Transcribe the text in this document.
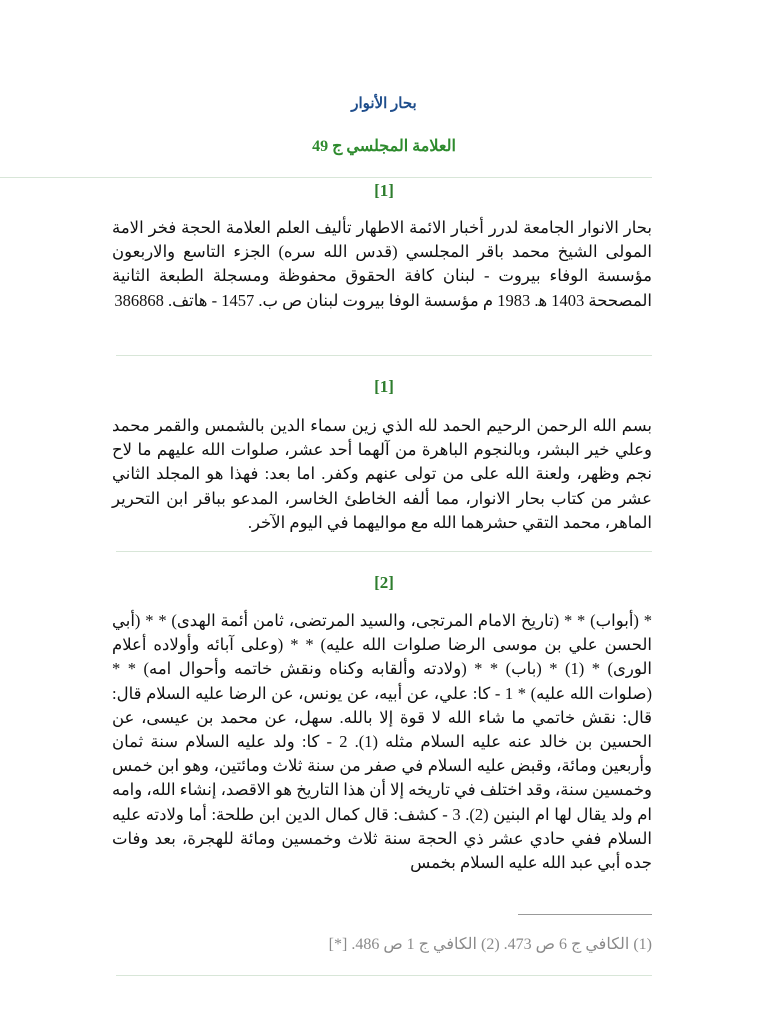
بحار الأنوار
العلامة المجلسي ج 49
[1]
بحار الانوار الجامعة لدرر أخبار الائمة الاطهار تأليف العلم العلامة الحجة فخر الامة المولى الشيخ محمد باقر المجلسي (قدس الله سره) الجزء التاسع والاربعون مؤسسة الوفاء بيروت - لبنان كافة الحقوق محفوظة ومسجلة الطبعة الثانية المصححة 1403 ه‍. 1983 م مؤسسة الوفا بيروت لبنان ص ب. 1457 - هاتف. 386868
[1]
بسم الله الرحمن الرحيم الحمد لله الذي زين سماء الدين بالشمس والقمر محمد وعلي خير البشر، وبالنجوم الباهرة من آلهما أحد عشر، صلوات الله عليهم ما لاح نجم وظهر، ولعنة الله على من تولى عنهم وكفر. اما بعد: فهذا هو المجلد الثاني عشر من كتاب بحار الانوار، مما ألفه الخاطئ الخاسر، المدعو بباقر ابن التحرير الماهر، محمد التقي حشرهما الله مع مواليهما في اليوم الآخر.
[2]
* (أبواب) * * (تاريخ الامام المرتجى، والسيد المرتضى، ثامن أئمة الهدى) * * (أبي الحسن علي بن موسى الرضا صلوات الله عليه) * * (وعلى آبائه وأولاده أعلام الورى) * (1) * (باب) * * (ولادته وألقابه وكناه ونقش خاتمه وأحوال امه) * * (صلوات الله عليه) * 1 - كا: علي، عن أبيه، عن يونس، عن الرضا عليه السلام قال: قال: نقش خاتمي ما شاء الله لا قوة إلا بالله. سهل، عن محمد بن عيسى، عن الحسين بن خالد عنه عليه السلام مثله (1). 2 - كا: ولد عليه السلام سنة ثمان وأربعين ومائة، وقبض عليه السلام في صفر من سنة ثلاث ومائتين، وهو ابن خمس وخمسين سنة، وقد اختلف في تاريخه إلا أن هذا التاريخ هو الاقصد، إنشاء الله، وامه ام ولد يقال لها ام البنين (2). 3 - كشف: قال كمال الدين ابن طلحة: أما ولادته عليه السلام ففي حادي عشر ذي الحجة سنة ثلاث وخمسين ومائة للهجرة، بعد وفات جده أبي عبد الله عليه السلام بخمس
(1) الكافي ج 6 ص 473. (2) الكافي ج 1 ص 486. [*]
